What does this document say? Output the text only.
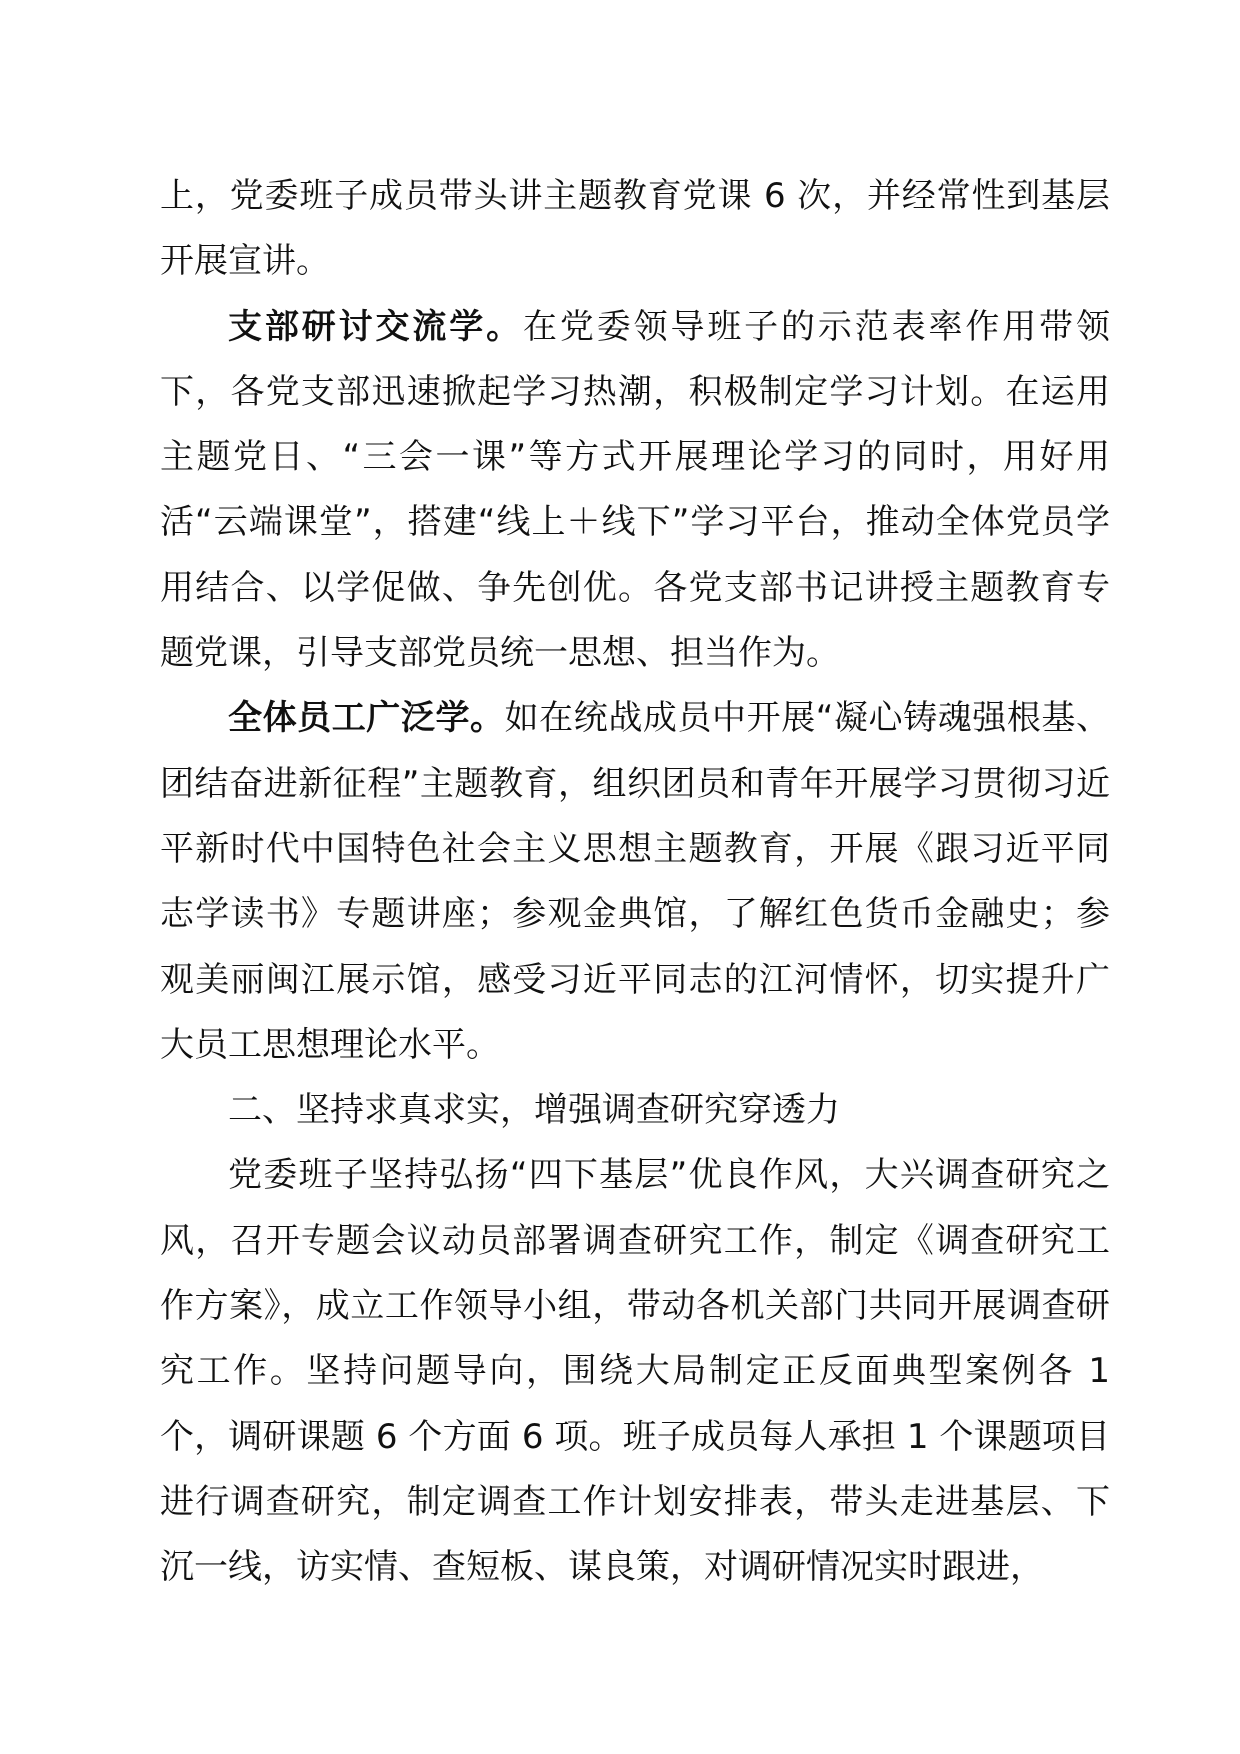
上，党委班子成员带头讲主题教育党课 6 次，并经常性到基层开展宣讲。

支部研讨交流学。在党委领导班子的示范表率作用带领下，各党支部迅速掀起学习热潮，积极制定学习计划。在运用主题党日、“三会一课”等方式开展理论学习的同时，用好用活“云端课堂”，搭建“线上＋线下”学习平台，推动全体党员学用结合、以学促做、争先创优。各党支部书记讲授主题教育专题党课，引导支部党员统一思想、担当作为。

全体员工广泛学。如在统战成员中开展“凝心铸魂强根基、团结奋进新征程”主题教育，组织团员和青年开展学习贯彻习近平新时代中国特色社会主义思想主题教育，开展《跟习近平同志学读书》专题讲座；参观金典馆，了解红色货币金融史；参观美丽闽江展示馆，感受习近平同志的江河情怀，切实提升广大员工思想理论水平。

二、坚持求真求实，增强调查研究穿透力

党委班子坚持弘扬“四下基层”优良作风，大兴调查研究之风，召开专题会议动员部署调查研究工作，制定《调查研究工作方案》，成立工作领导小组，带动各机关部门共同开展调查研究工作。坚持问题导向，围绕大局制定正反面典型案例各 1 个，调研课题 6 个方面 6 项。班子成员每人承担 1 个课题项目进行调查研究，制定调查工作计划安排表，带头走进基层、下沉一线，访实情、查短板、谋良策，对调研情况实时跟进，
